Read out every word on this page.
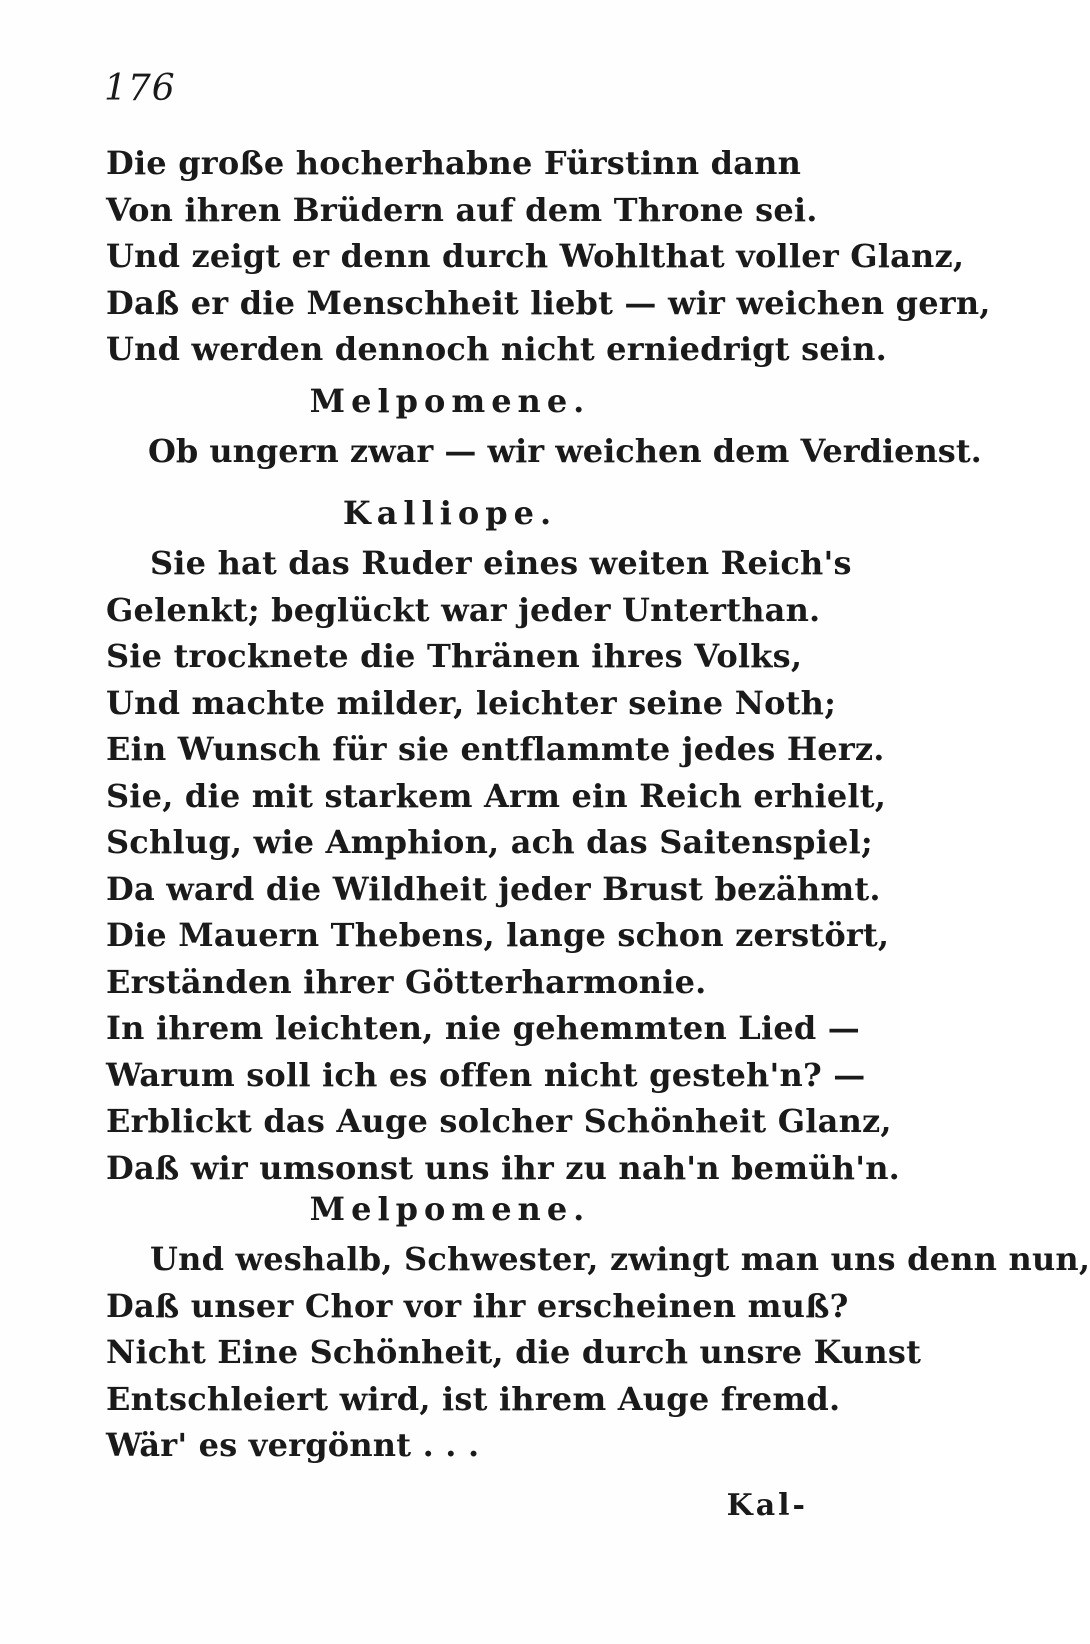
176
Die große hocherhabne Fürstinn dann
Von ihren Brüdern auf dem Throne sei.
Und zeigt er denn durch Wohlthat voller Glanz,
Daß er die Menschheit liebt — wir weichen gern,
Und werden dennoch nicht erniedrigt sein.
Melpomene.
Ob ungern zwar — wir weichen dem Verdienst.
Kalliope.
Sie hat das Ruder eines weiten Reich's
Gelenkt; beglückt war jeder Unterthan.
Sie trocknete die Thränen ihres Volks,
Und machte milder, leichter seine Noth;
Ein Wunsch für sie entflammte jedes Herz.
Sie, die mit starkem Arm ein Reich erhielt,
Schlug, wie Amphion, ach das Saitenspiel;
Da ward die Wildheit jeder Brust bezähmt.
Die Mauern Thebens, lange schon zerstört,
Erständen ihrer Götterharmonie.
In ihrem leichten, nie gehemmten Lied —
Warum soll ich es offen nicht gesteh'n? —
Erblickt das Auge solcher Schönheit Glanz,
Daß wir umsonst uns ihr zu nah'n bemüh'n.
Melpomene.
Und weshalb, Schwester, zwingt man uns denn nun,
Daß unser Chor vor ihr erscheinen muß?
Nicht Eine Schönheit, die durch unsre Kunst
Entschleiert wird, ist ihrem Auge fremd.
Wär' es vergönnt . . .
Kal-
